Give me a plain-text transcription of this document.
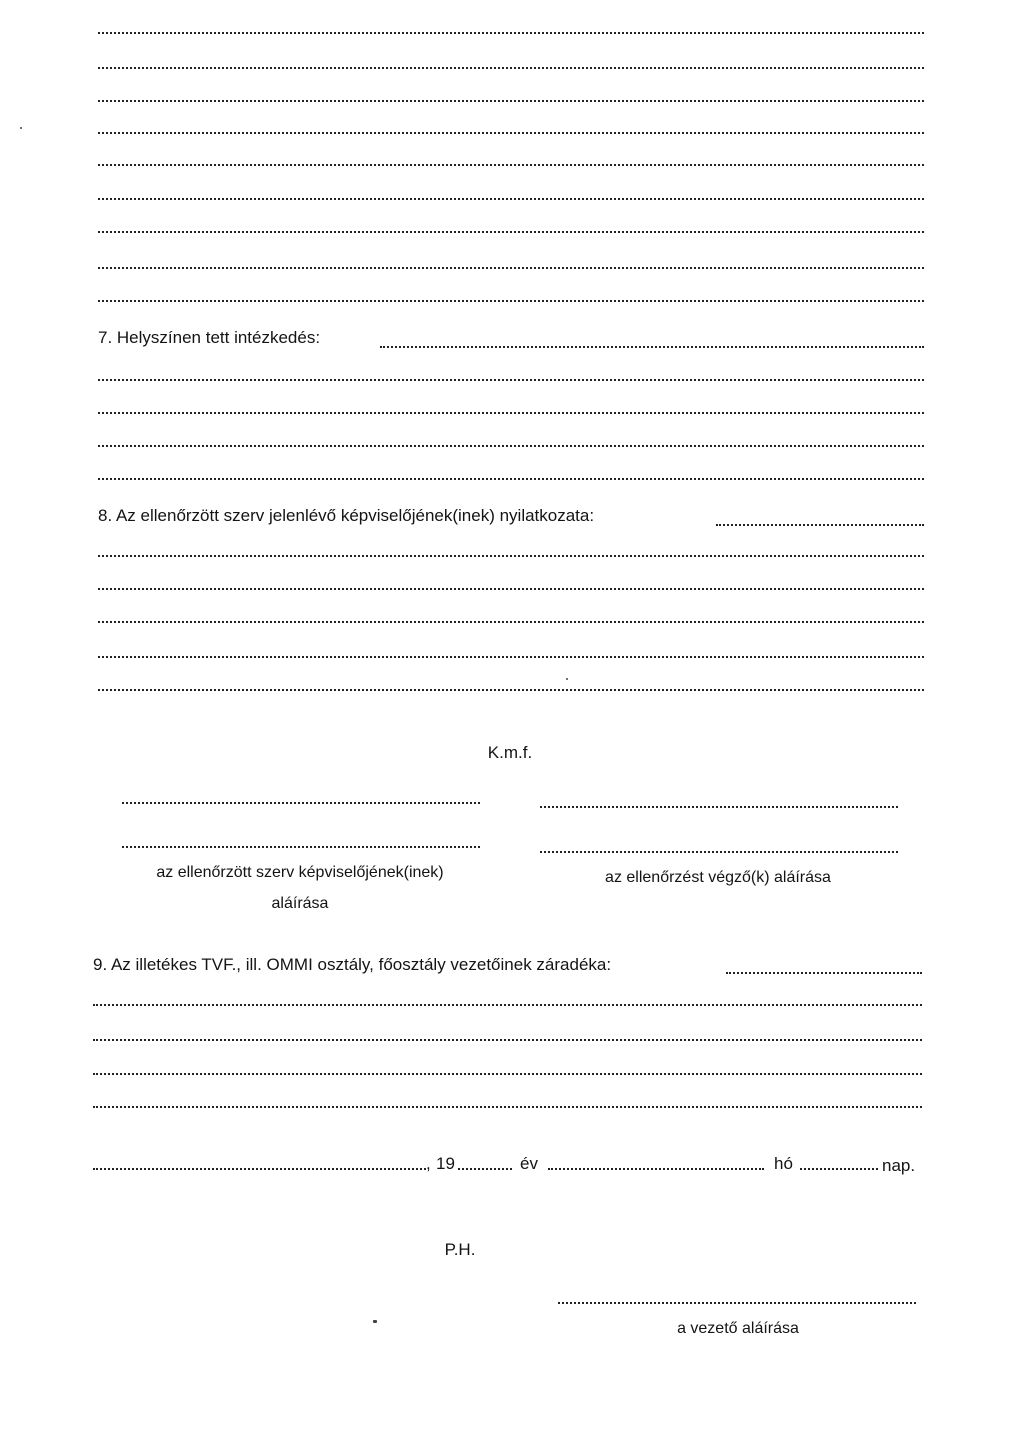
7. Helyszínen tett intézkedés:
8. Az ellenőrzött szerv jelenlévő képviselőjének(inek) nyilatkozata:
K.m.f.
az ellenőrzött szerv képviselőjének(inek)
aláírása
az ellenőrzést végző(k) aláírása
9. Az illetékes TVF., ill. OMMI osztály, főosztály vezetőinek záradéka:
, 19	év	hó	nap.
P.H.
a vezető aláírása
